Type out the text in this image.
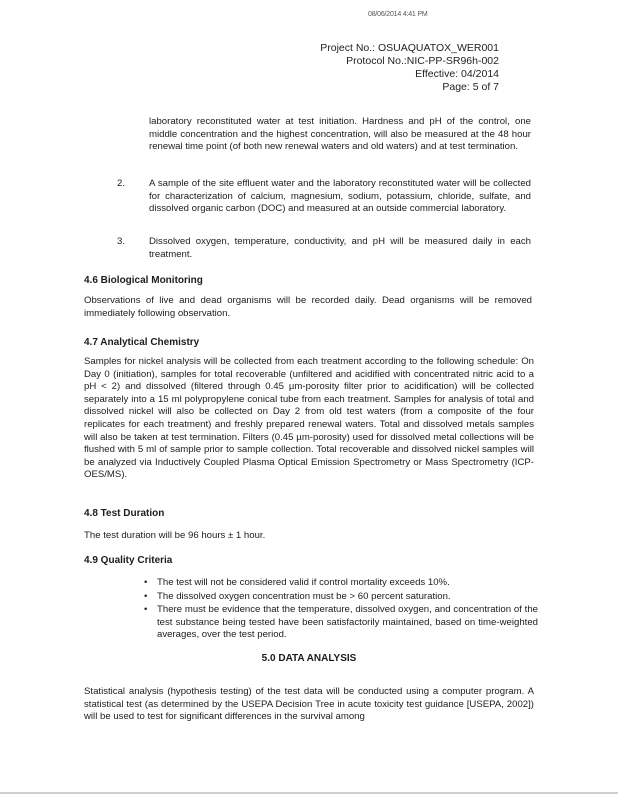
08/06/2014 4:41 PM
Project No.: OSUAQUATOX_WER001
Protocol No.:NIC-PP-SR96h-002
Effective: 04/2014
Page: 5 of 7

laboratory reconstituted water at test initiation. Hardness and pH of the control, one middle concentration and the highest concentration, will also be measured at the 48 hour renewal time point (of both new renewal waters and old waters) and at test termination.

2. A sample of the site effluent water and the laboratory reconstituted water will be collected for characterization of calcium, magnesium, sodium, potassium, chloride, sulfate, and dissolved organic carbon (DOC) and measured at an outside commercial laboratory.

3. Dissolved oxygen, temperature, conductivity, and pH will be measured daily in each treatment.

4.6 Biological Monitoring

Observations of live and dead organisms will be recorded daily. Dead organisms will be removed immediately following observation.

4.7 Analytical Chemistry

Samples for nickel analysis will be collected from each treatment according to the following schedule: On Day 0 (initiation), samples for total recoverable (unfiltered and acidified with concentrated nitric acid to a pH < 2) and dissolved (filtered through 0.45 µm-porosity filter prior to acidification) will be collected separately into a 15 ml polypropylene conical tube from each treatment. Samples for analysis of total and dissolved nickel will also be collected on Day 2 from old test waters (from a composite of the four replicates for each treatment) and freshly prepared renewal waters. Total and dissolved metals samples will also be taken at test termination. Filters (0.45 µm-porosity) used for dissolved metal collections will be flushed with 5 ml of sample prior to sample collection. Total recoverable and dissolved nickel samples will be analyzed via Inductively Coupled Plasma Optical Emission Spectrometry or Mass Spectrometry (ICP-OES/MS).

4.8 Test Duration

The test duration will be 96 hours ± 1 hour.

4.9 Quality Criteria
• The test will not be considered valid if control mortality exceeds 10%.
• The dissolved oxygen concentration must be > 60 percent saturation.
• There must be evidence that the temperature, dissolved oxygen, and concentration of the test substance being tested have been satisfactorily maintained, based on time-weighted averages, over the test period.
5.0 DATA ANALYSIS

Statistical analysis (hypothesis testing) of the test data will be conducted using a computer program. A statistical test (as determined by the USEPA Decision Tree in acute toxicity test guidance [USEPA, 2002]) will be used to test for significant differences in the survival among
